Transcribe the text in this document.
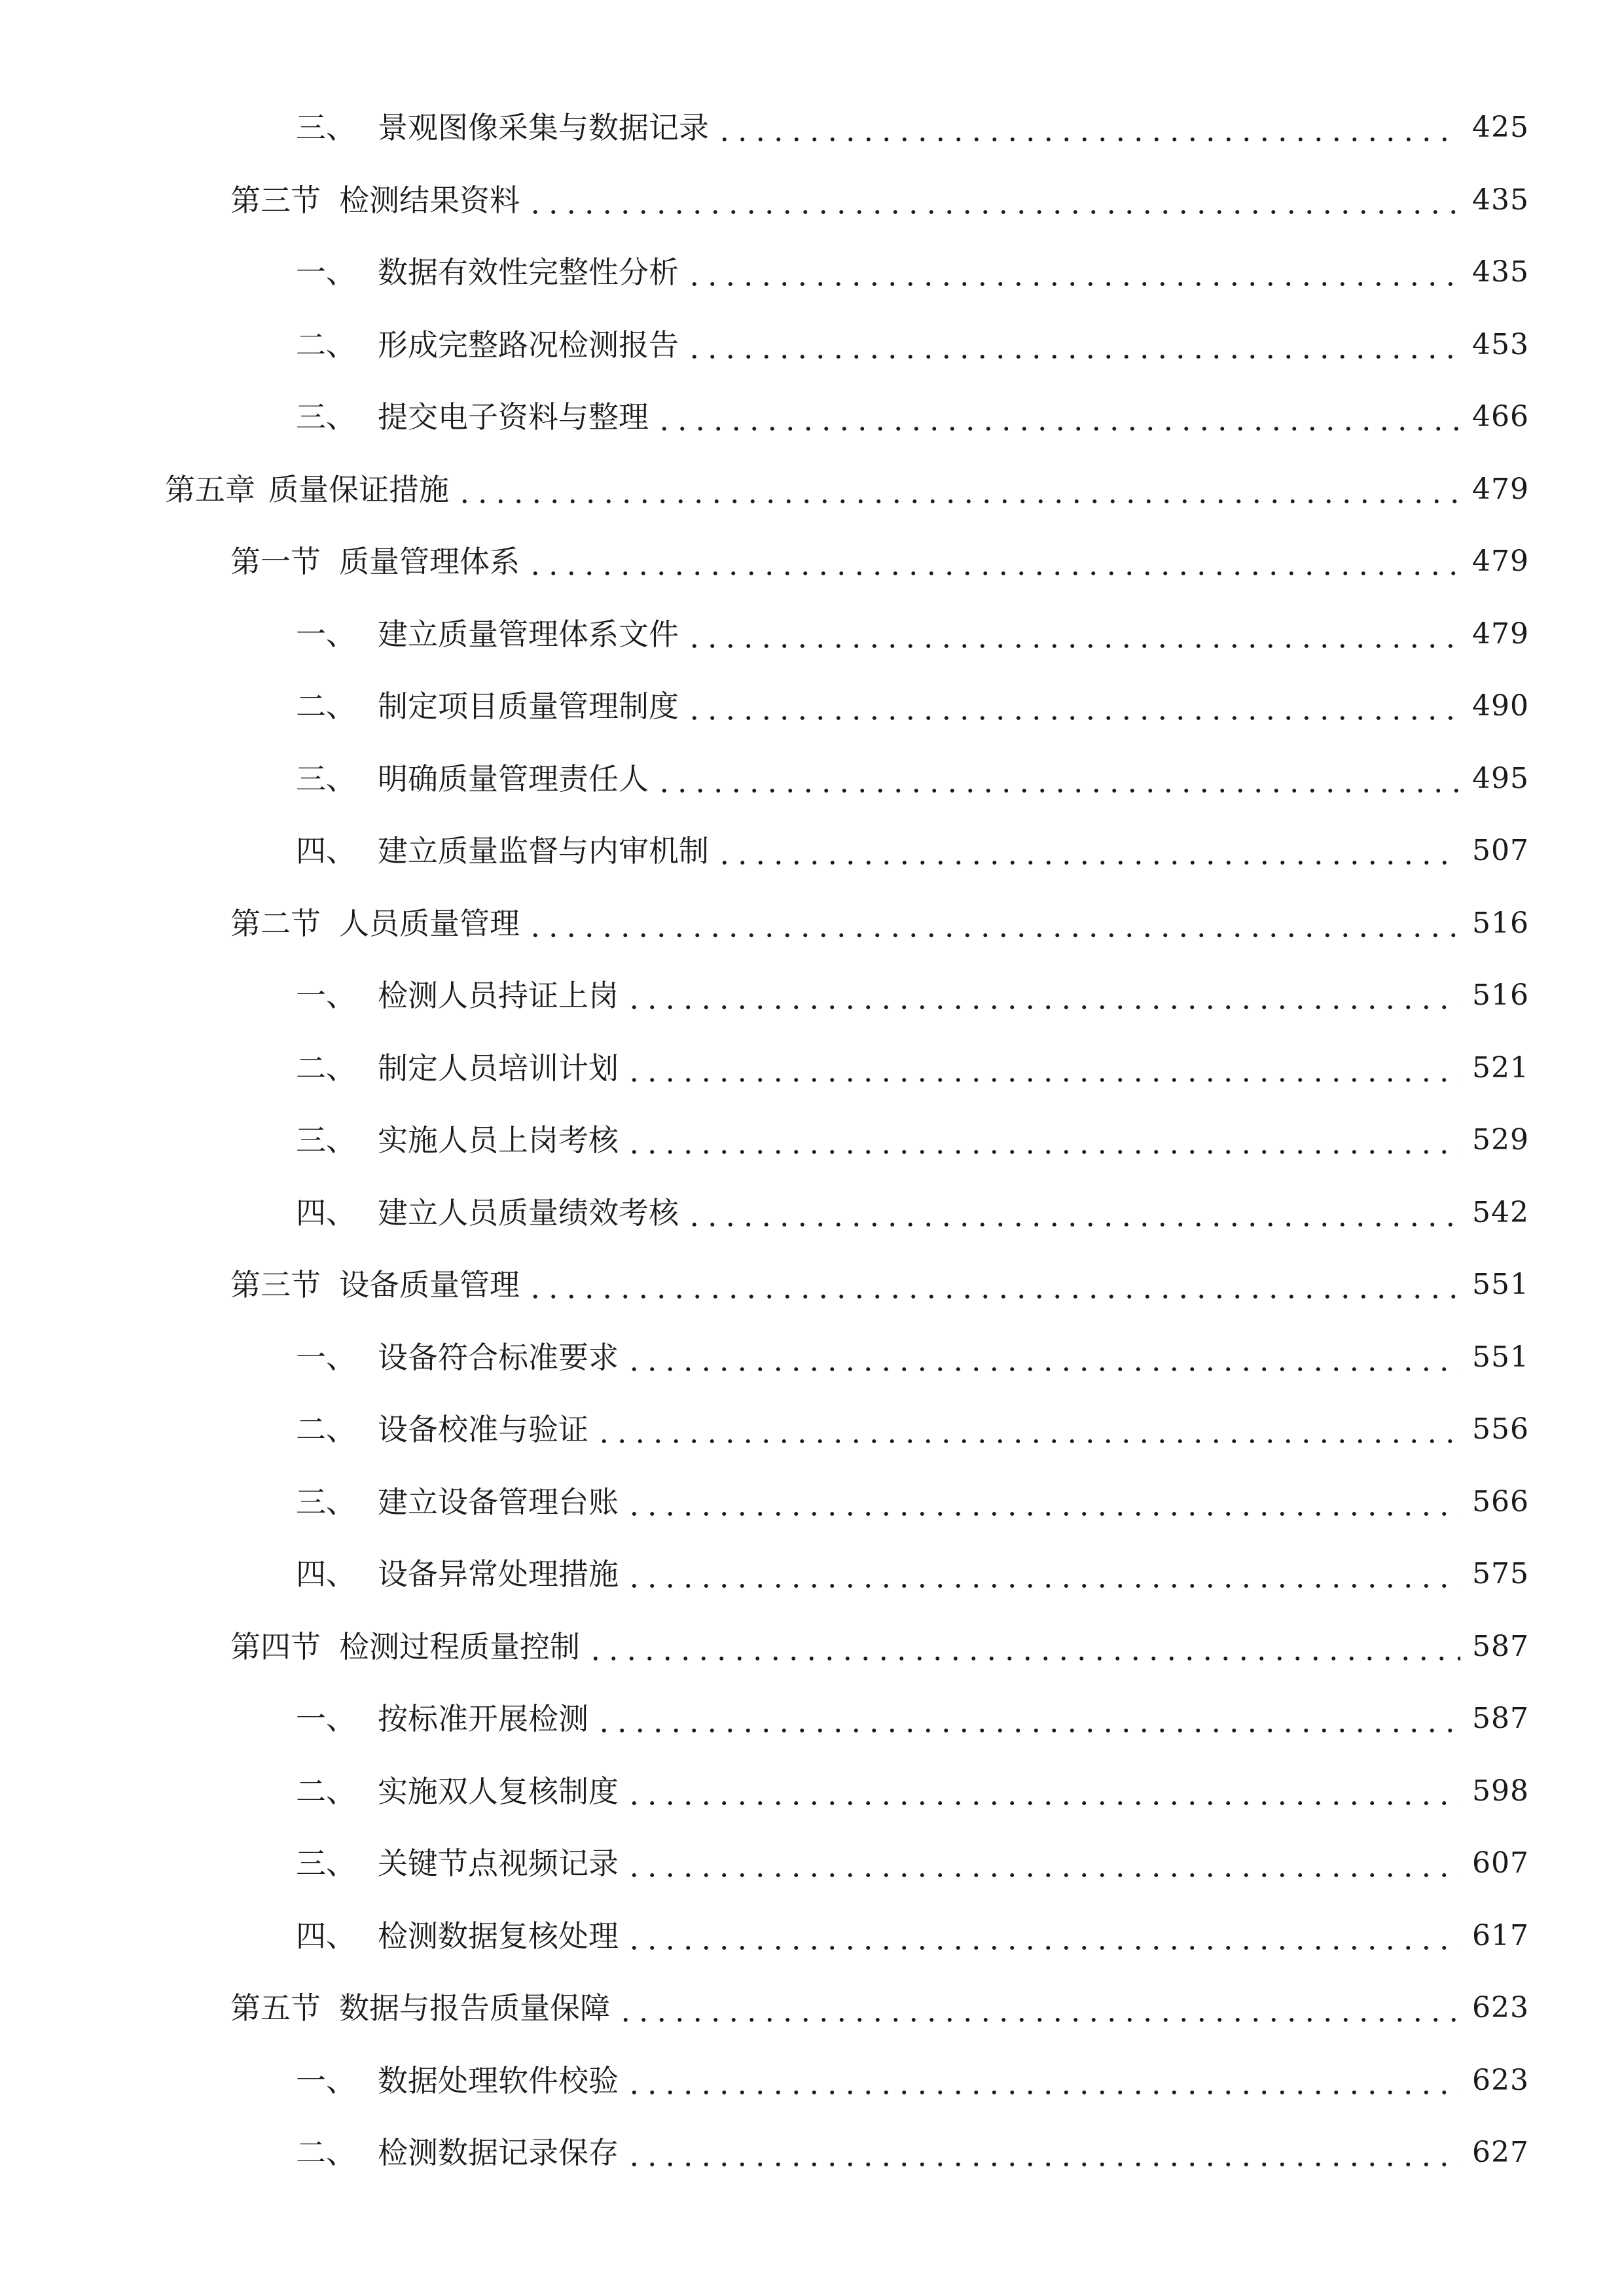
三、 景观图像采集与数据记录	425
第三节 检测结果资料	435
一、 数据有效性完整性分析	435
二、 形成完整路况检测报告	453
三、 提交电子资料与整理	466
第五章 质量保证措施	479
第一节 质量管理体系	479
一、 建立质量管理体系文件	479
二、 制定项目质量管理制度	490
三、 明确质量管理责任人	495
四、 建立质量监督与内审机制	507
第二节 人员质量管理	516
一、 检测人员持证上岗	516
二、 制定人员培训计划	521
三、 实施人员上岗考核	529
四、 建立人员质量绩效考核	542
第三节 设备质量管理	551
一、 设备符合标准要求	551
二、 设备校准与验证	556
三、 建立设备管理台账	566
四、 设备异常处理措施	575
第四节 检测过程质量控制	587
一、 按标准开展检测	587
二、 实施双人复核制度	598
三、 关键节点视频记录	607
四、 检测数据复核处理	617
第五节 数据与报告质量保障	623
一、 数据处理软件校验	623
二、 检测数据记录保存	627
